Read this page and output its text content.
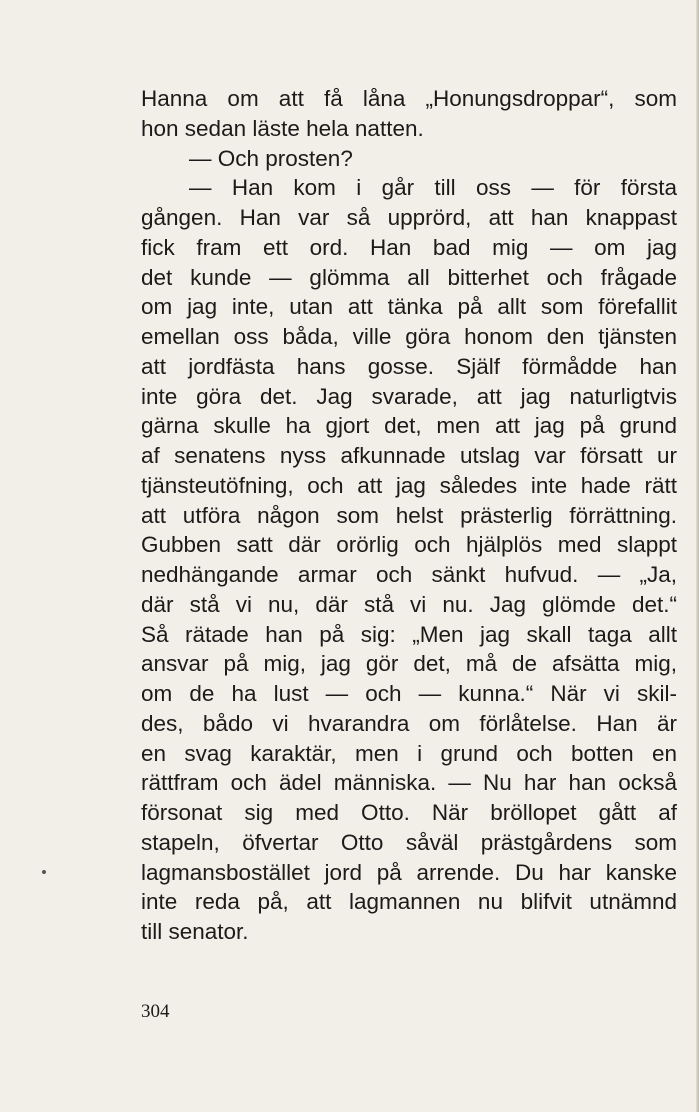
Hanna om att få låna „Honungsdroppar“, som
hon sedan läste hela natten.
— Och prosten?
— Han kom i går till oss — för första
gången. Han var så upprörd, att han knappast
fick fram ett ord. Han bad mig — om jag
det kunde — glömma all bitterhet och frågade
om jag inte, utan att tänka på allt som förefallit
emellan oss båda, ville göra honom den tjänsten
att jordfästa hans gosse. Själf förmådde han
inte göra det. Jag svarade, att jag naturligtvis
gärna skulle ha gjort det, men att jag på grund
af senatens nyss afkunnade utslag var försatt ur
tjänsteutöfning, och att jag således inte hade rätt
att utföra någon som helst prästerlig förrättning.
Gubben satt där orörlig och hjälplös med slappt
nedhängande armar och sänkt hufvud. — „Ja,
där stå vi nu, där stå vi nu. Jag glömde det.“
Så rätade han på sig: „Men jag skall taga allt
ansvar på mig, jag gör det, må de afsätta mig,
om de ha lust — och — kunna.“ När vi skil-
des, bådo vi hvarandra om förlåtelse. Han är
en svag karaktär, men i grund och botten en
rättfram och ädel människa. — Nu har han också
försonat sig med Otto. När bröllopet gått af
stapeln, öfvertar Otto såväl prästgårdens som
lagmansbostället jord på arrende. Du har kanske
inte reda på, att lagmannen nu blifvit utnämnd
till senator.
304
